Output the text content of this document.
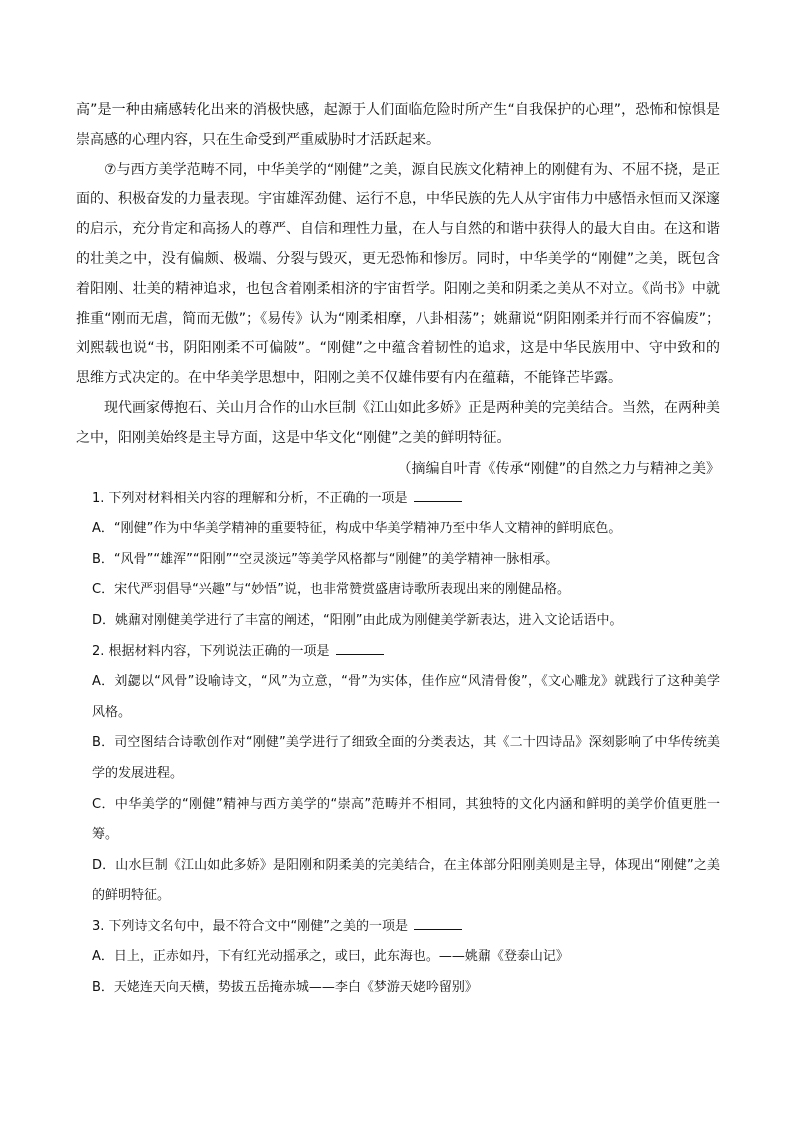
高”是一种由痛感转化出来的消极快感，起源于人们面临危险时所产生“自我保护的心理”，恐怖和惊惧是崇高感的心理内容，只在生命受到严重威胁时才活跃起来。

⑦与西方美学范畴不同，中华美学的“刚健”之美，源自民族文化精神上的刚健有为、不屈不挠，是正面的、积极奋发的力量表现。宇宙雄浑劲健、运行不息，中华民族的先人从宇宙伟力中感悟永恒而又深邃的启示，充分肯定和高扬人的尊严、自信和理性力量，在人与自然的和谐中获得人的最大自由。在这和谐的壮美之中，没有偏颇、极端、分裂与毁灭，更无恐怖和惨厉。同时，中华美学的“刚健”之美，既包含着阳刚、壮美的精神追求，也包含着刚柔相济的宇宙哲学。阳刚之美和阴柔之美从不对立。《尚书》中就推重“刚而无虐，简而无傲”；《易传》认为“刚柔相摩，八卦相荡”；姚鼐说“阴阳刚柔并行而不容偏废”；刘熙载也说“书，阴阳刚柔不可偏陂”。“刚健”之中蕴含着韧性的追求，这是中华民族用中、守中致和的思维方式决定的。在中华美学思想中，阳刚之美不仅雄伟要有内在蕴藉，不能锋芒毕露。

现代画家傅抱石、关山月合作的山水巨制《江山如此多娇》正是两种美的完美结合。当然，在两种美之中，阳刚美始终是主导方面，这是中华文化“刚健”之美的鲜明特征。

（摘编自叶青《传承“刚健”的自然之力与精神之美》

1. 下列对材料相关内容的理解和分析，不正确的一项是

A．“刚健”作为中华美学精神的重要特征，构成中华美学精神乃至中华人文精神的鲜明底色。

B．“风骨”“雄浑”“阳刚”“空灵淡远”等美学风格都与“刚健”的美学精神一脉相承。

C．宋代严羽倡导“兴趣”与“妙悟”说，也非常赞赏盛唐诗歌所表现出来的刚健品格。

D．姚鼐对刚健美学进行了丰富的阐述，“阳刚”由此成为刚健美学新表达，进入文论话语中。

2. 根据材料内容，下列说法正确的一项是

A．刘勰以“风骨”设喻诗文，“风”为立意，“骨”为实体，佳作应“风清骨俊”，《文心雕龙》就践行了这种美学风格。

B．司空图结合诗歌创作对“刚健”美学进行了细致全面的分类表达，其《二十四诗品》深刻影响了中华传统美学的发展进程。

C．中华美学的“刚健”精神与西方美学的“崇高”范畴并不相同，其独特的文化内涵和鲜明的美学价值更胜一筹。

D．山水巨制《江山如此多娇》是阳刚和阴柔美的完美结合，在主体部分阳刚美则是主导，体现出“刚健”之美的鲜明特征。

3. 下列诗文名句中，最不符合文中“刚健”之美的一项是

A．日上，正赤如丹，下有红光动摇承之，或曰，此东海也。——姚鼐《登泰山记》

B．天姥连天向天横，势拔五岳掩赤城——李白《梦游天姥吟留别》
